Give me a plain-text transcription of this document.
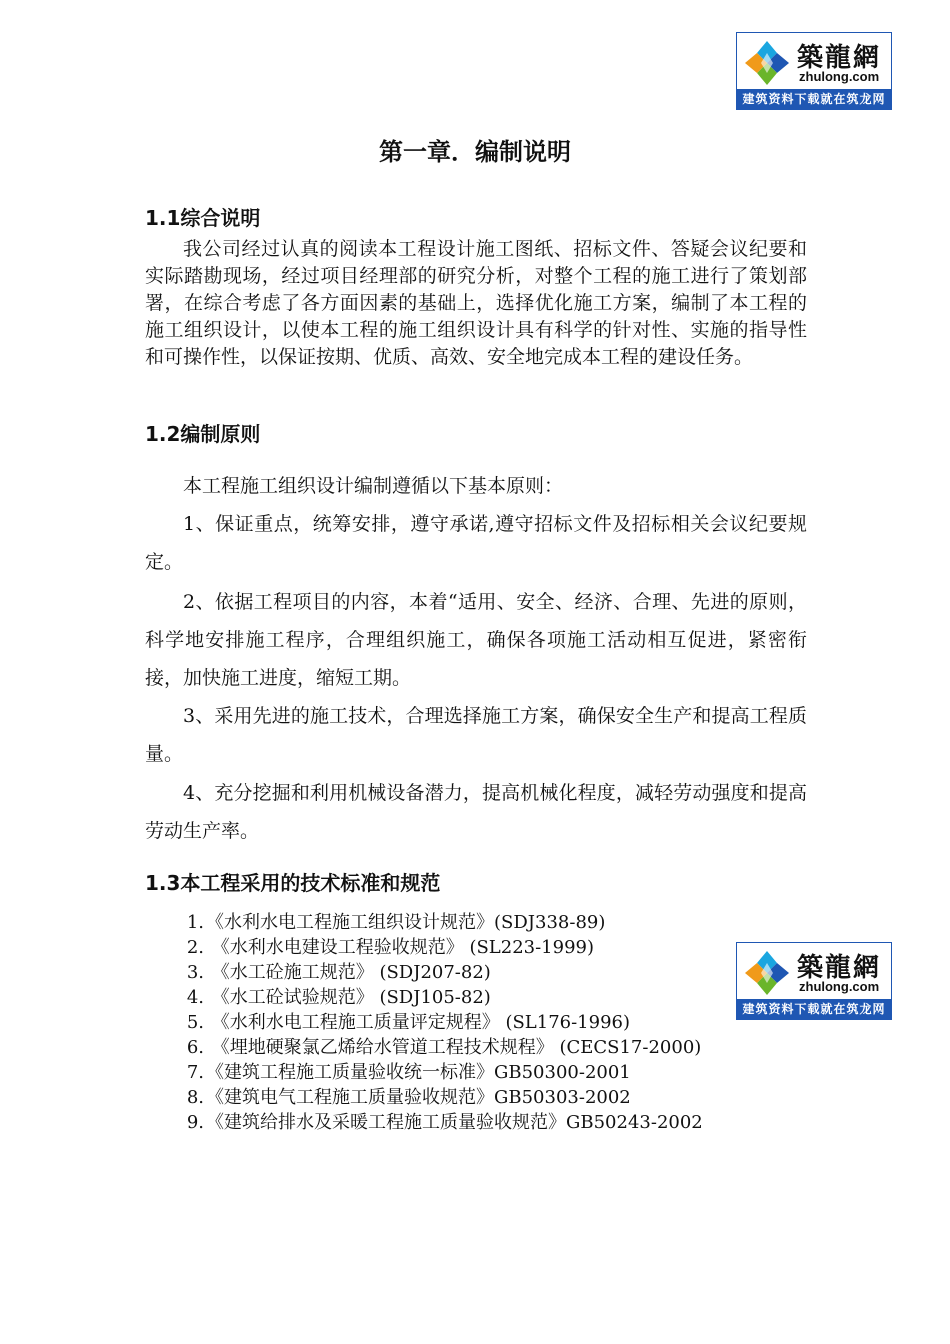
築龍網
zhulong.com
建筑资料下载就在筑龙网
第一章．编制说明
1.1综合说明
我公司经过认真的阅读本工程设计施工图纸、招标文件、答疑会议纪要和实际踏勘现场，经过项目经理部的研究分析，对整个工程的施工进行了策划部署，在综合考虑了各方面因素的基础上，选择优化施工方案，编制了本工程的施工组织设计，以使本工程的施工组织设计具有科学的针对性、实施的指导性和可操作性，以保证按期、优质、高效、安全地完成本工程的建设任务。
1.2编制原则
本工程施工组织设计编制遵循以下基本原则：
1、保证重点，统筹安排，遵守承诺,遵守招标文件及招标相关会议纪要规定。
2、依据工程项目的内容，本着“适用、安全、经济、合理、先进的原则，科学地安排施工程序，合理组织施工，确保各项施工活动相互促进，紧密衔接，加快施工进度，缩短工期。
3、采用先进的施工技术，合理选择施工方案，确保安全生产和提高工程质量。
4、充分挖掘和利用机械设备潜力，提高机械化程度，减轻劳动强度和提高劳动生产率。
1.3本工程采用的技术标准和规范
1. 《水利水电工程施工组织设计规范》(SDJ338-89)
2. 《水利水电建设工程验收规范》 (SL223-1999)
3. 《水工砼施工规范》 (SDJ207-82)
4. 《水工砼试验规范》 (SDJ105-82)
5. 《水利水电工程施工质量评定规程》 (SL176-1996)
6. 《埋地硬聚氯乙烯给水管道工程技术规程》 (CECS17-2000)
7. 《建筑工程施工质量验收统一标准》GB50300-2001
8. 《建筑电气工程施工质量验收规范》GB50303-2002
9. 《建筑给排水及采暖工程施工质量验收规范》GB50243-2002
築龍網
zhulong.com
建筑资料下载就在筑龙网
